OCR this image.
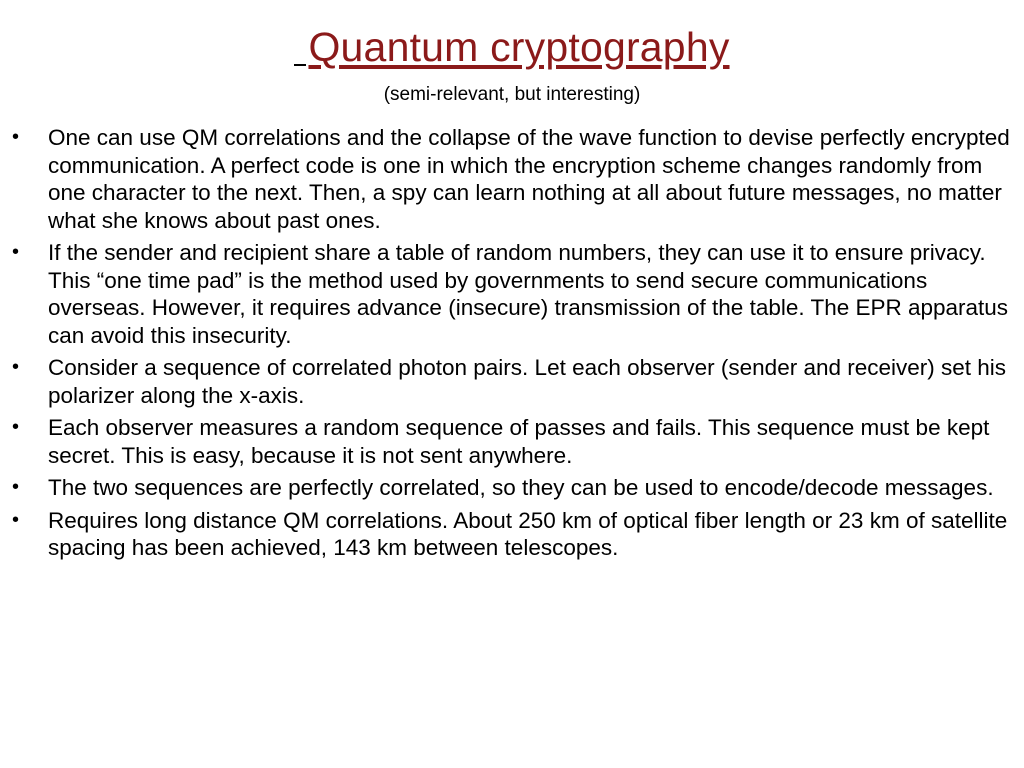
Quantum cryptography
(semi-relevant, but interesting)
• One can use QM correlations and the collapse of the wave function to devise perfectly encrypted communication. A perfect code is one in which the encryption scheme changes randomly from one character to the next. Then, a spy can learn nothing at all about future messages, no matter what she knows about past ones.
• If the sender and recipient share a table of random numbers, they can use it to ensure privacy. This “one time pad” is the method used by governments to send secure communications overseas. However, it requires advance (insecure) transmission of the table. The EPR apparatus can avoid this insecurity.
• Consider a sequence of correlated photon pairs. Let each observer (sender and receiver) set his polarizer along the x-axis.
• Each observer measures a random sequence of passes and fails. This sequence must be kept secret. This is easy, because it is not sent anywhere.
• The two sequences are perfectly correlated, so they can be used to encode/decode messages.
• Requires long distance QM correlations. About 250 km of optical fiber length or 23 km of satellite spacing has been achieved, 143 km between telescopes.
